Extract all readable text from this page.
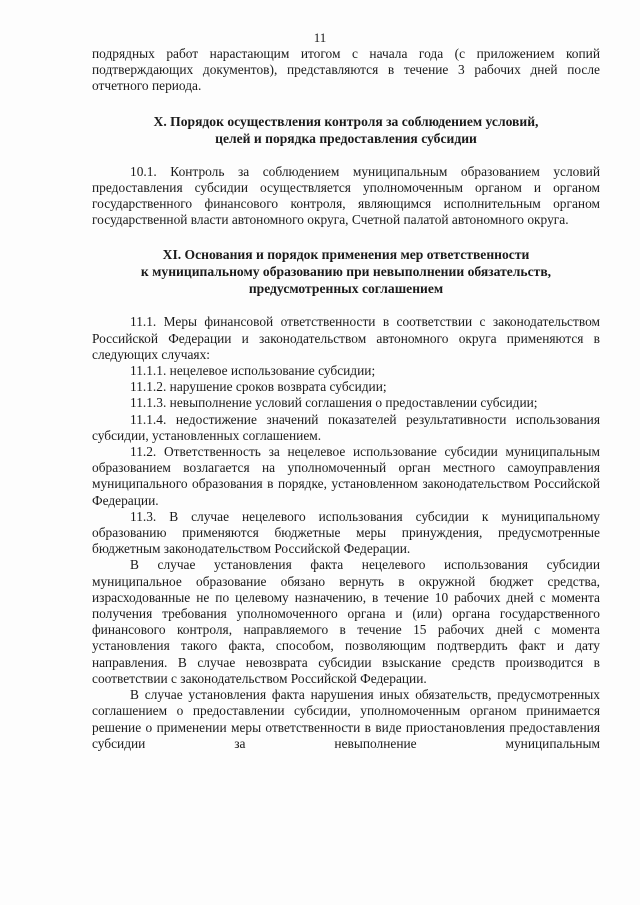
11

подрядных работ нарастающим итогом с начала года (с приложением копий подтверждающих документов), представляются в течение 3 рабочих дней после отчетного периода.

X. Порядок осуществления контроля за соблюдением условий,
целей и порядка предоставления субсидии

10.1. Контроль за соблюдением муниципальным образованием условий предоставления субсидии осуществляется уполномоченным органом и органом государственного финансового контроля, являющимся исполнительным органом государственной власти автономного округа, Счетной палатой автономного округа.

XI. Основания и порядок применения мер ответственности
к муниципальному образованию при невыполнении обязательств,
предусмотренных соглашением

11.1. Меры финансовой ответственности в соответствии с законодательством Российской Федерации и законодательством автономного округа применяются в следующих случаях:

11.1.1. нецелевое использование субсидии;

11.1.2. нарушение сроков возврата субсидии;

11.1.3. невыполнение условий соглашения о предоставлении субсидии;

11.1.4. недостижение значений показателей результативности использования субсидии, установленных соглашением.

11.2. Ответственность за нецелевое использование субсидии муниципальным образованием возлагается на уполномоченный орган местного самоуправления муниципального образования в порядке, установленном законодательством Российской Федерации.

11.3. В случае нецелевого использования субсидии к муниципальному образованию применяются бюджетные меры принуждения, предусмотренные бюджетным законодательством Российской Федерации.

В случае установления факта нецелевого использования субсидии муниципальное образование обязано вернуть в окружной бюджет средства, израсходованные не по целевому назначению, в течение 10 рабочих дней с момента получения требования уполномоченного органа и (или) органа государственного финансового контроля, направляемого в течение 15 рабочих дней с момента установления такого факта, способом, позволяющим подтвердить факт и дату направления. В случае невозврата субсидии взыскание средств производится в соответствии с законодательством Российской Федерации.

В случае установления факта нарушения иных обязательств, предусмотренных соглашением о предоставлении субсидии, уполномоченным органом принимается решение о применении меры ответственности в виде приостановления предоставления субсидии за невыполнение муниципальным
